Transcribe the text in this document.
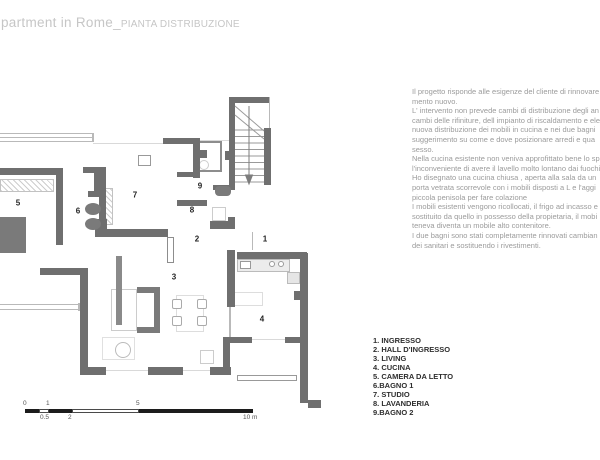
partment in Rome_ PIANTA DISTRIBUZIONE
1
2
3
4
5
6
7
8
9
Il progetto risponde alle esigenze del cliente di rinnovare
mento nuovo.
L' intervento non prevede cambi di distribuzione degli an
cambi delle rifiniture, dell impianto di riscaldamento e ele
nuova distribuzione dei mobili in cucina e nei due bagni
suggerimento su come e dove posizionare arredi e qua
sesso.
Nella cucina esistente non veniva approfittato bene lo sp
l'inconveniente di avere il lavello molto lontano dai fuochi
Ho disegnato una cucina chiusa , aperta alla sala da un
porta vetrata scorrevole con i mobili disposti a L e l'aggi
piccola penisola per fare colazione
I mobili esistenti vengono ricollocati, il frigo ad incasso e
sostituito da quello in possesso della propietaria, il mobi
teneva diventa un mobile alto contenitore.
I due bagni sono stati completamente rinnovati cambian
dei sanitari e sostituendo i rivestimenti.
1. INGRESSO
2. HALL D'INGRESSO
3. LIVING
4. CUCINA
5. CAMERA DA LETTO
6.BAGNO 1
7. STUDIO
8. LAVANDERIA
9.BAGNO 2
0	1	5
0.5	2	10 m
